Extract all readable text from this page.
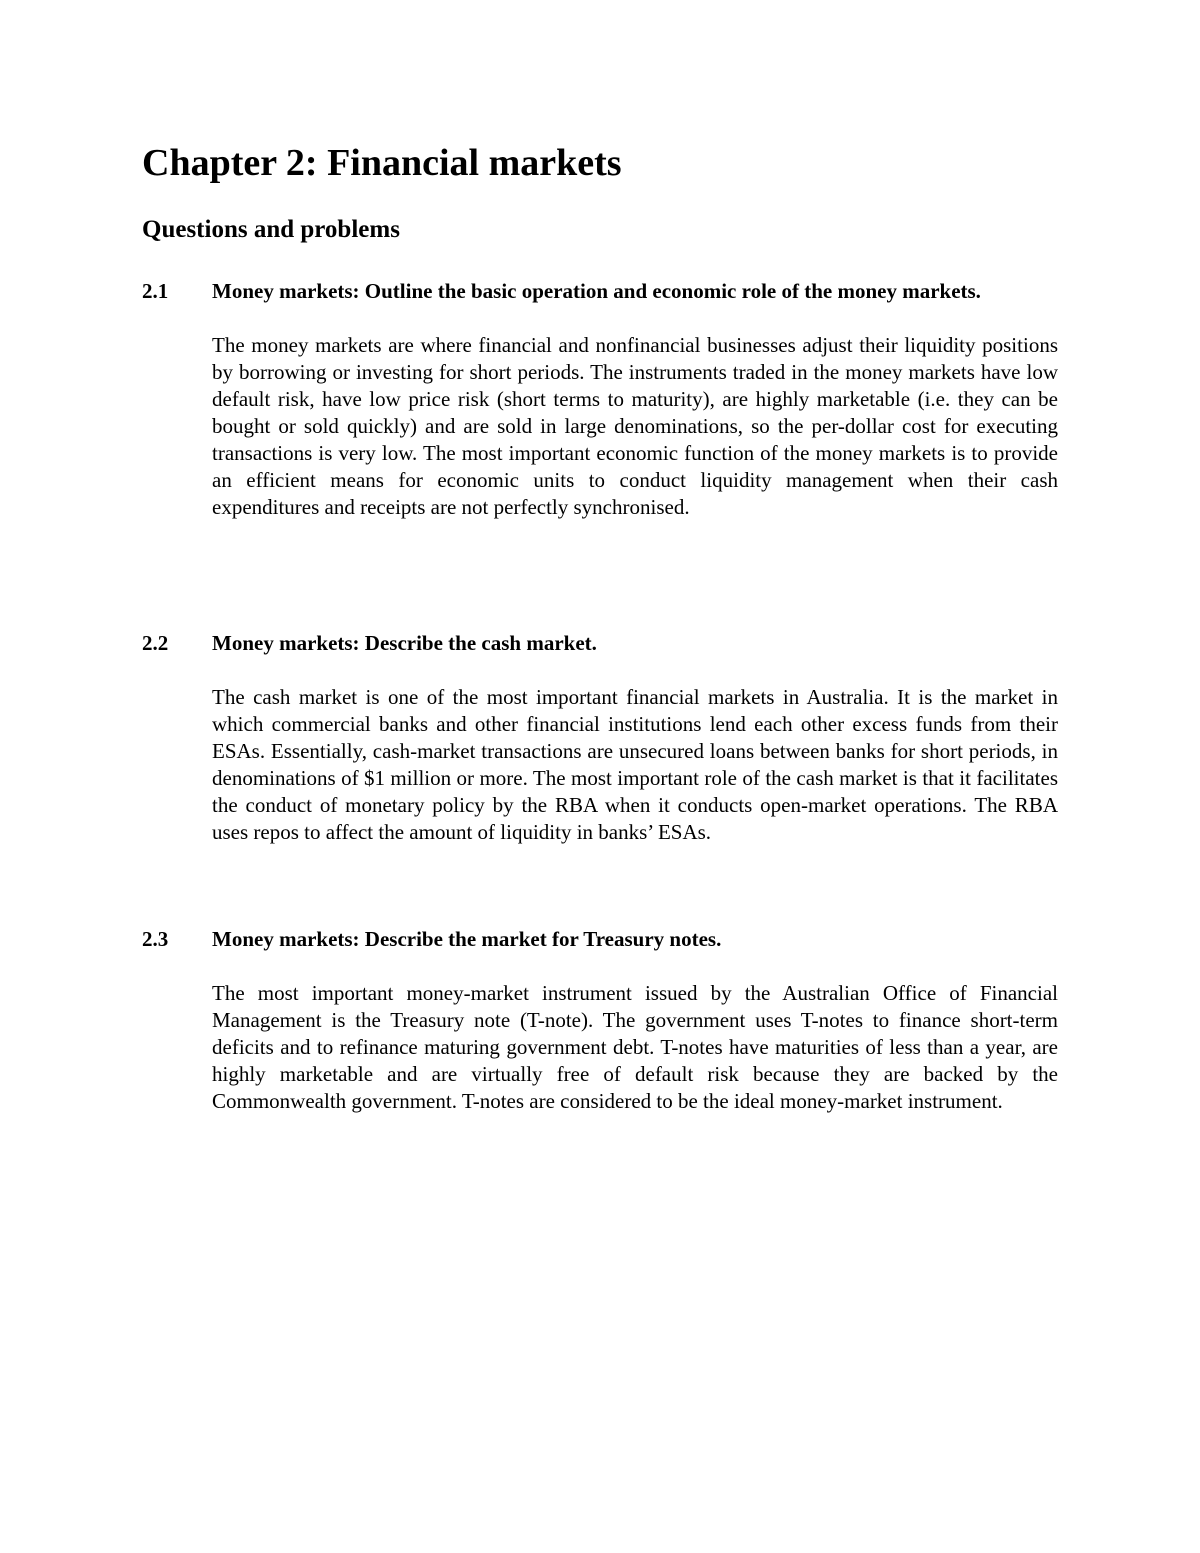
Chapter 2: Financial markets
Questions and problems
2.1	Money markets: Outline the basic operation and economic role of the money markets.

The money markets are where financial and nonfinancial businesses adjust their liquidity positions by borrowing or investing for short periods. The instruments traded in the money markets have low default risk, have low price risk (short terms to maturity), are highly marketable (i.e. they can be bought or sold quickly) and are sold in large denominations, so the per-dollar cost for executing transactions is very low. The most important economic function of the money markets is to provide an efficient means for economic units to conduct liquidity management when their cash expenditures and receipts are not perfectly synchronised.

2.2	Money markets: Describe the cash market.

The cash market is one of the most important financial markets in Australia. It is the market in which commercial banks and other financial institutions lend each other excess funds from their ESAs. Essentially, cash-market transactions are unsecured loans between banks for short periods, in denominations of $1 million or more. The most important role of the cash market is that it facilitates the conduct of monetary policy by the RBA when it conducts open-market operations. The RBA uses repos to affect the amount of liquidity in banks’ ESAs.

2.3	Money markets: Describe the market for Treasury notes.

The most important money-market instrument issued by the Australian Office of Financial Management is the Treasury note (T-note). The government uses T-notes to finance short-term deficits and to refinance maturing government debt. T-notes have maturities of less than a year, are highly marketable and are virtually free of default risk because they are backed by the Commonwealth government. T-notes are considered to be the ideal money-market instrument.
